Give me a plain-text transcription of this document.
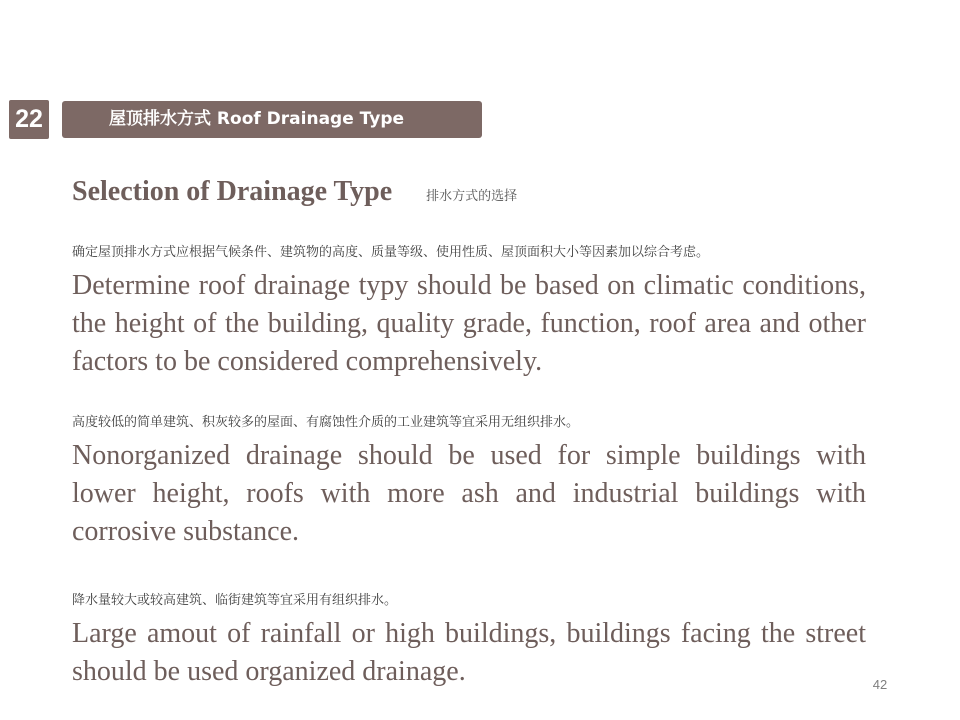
22	屋顶排水方式 Roof Drainage Type
Selection of Drainage Type	排水方式的选择
确定屋顶排水方式应根据气候条件、建筑物的高度、质量等级、使用性质、屋顶面积大小等因素加以综合考虑。
Determine roof drainage typy should be based on climatic conditions, the height of the building, quality grade, function, roof area and other factors to be considered comprehensively.
高度较低的简单建筑、积灰较多的屋面、有腐蚀性介质的工业建筑等宜采用无组织排水。
Nonorganized drainage should be used for simple buildings with lower height, roofs with more ash and industrial buildings with corrosive substance.
降水量较大或较高建筑、临街建筑等宜采用有组织排水。
Large amout of rainfall or high buildings, buildings facing the street should be used organized drainage.	42
